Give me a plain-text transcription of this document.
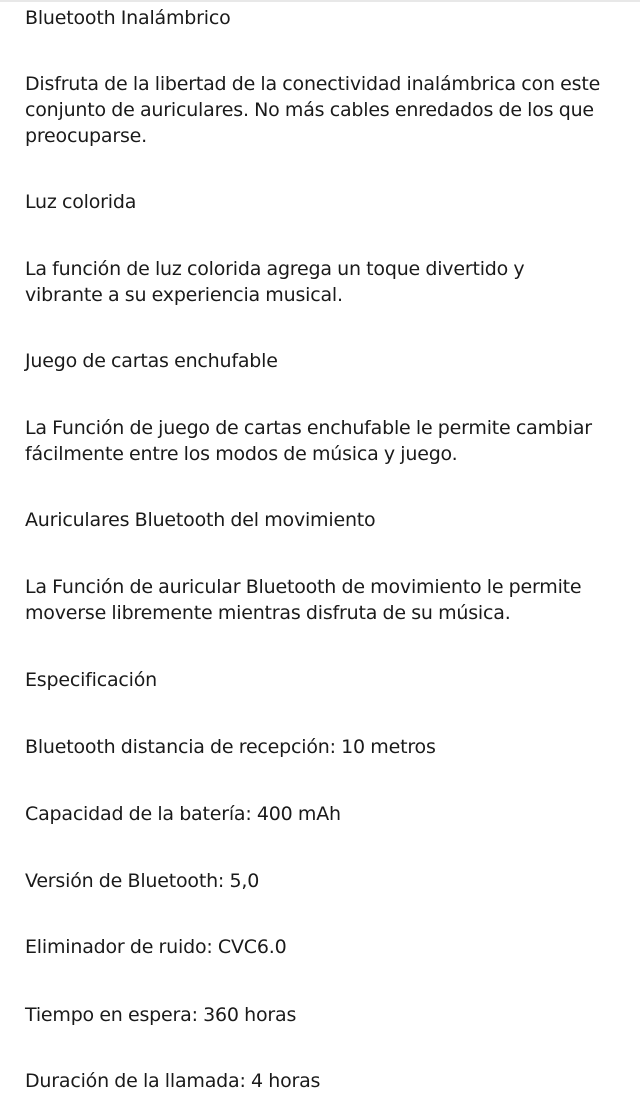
Bluetooth Inalámbrico

Disfruta de la libertad de la conectividad inalámbrica con este conjunto de auriculares. No más cables enredados de los que preocuparse.

Luz colorida

La función de luz colorida agrega un toque divertido y vibrante a su experiencia musical.

Juego de cartas enchufable

La Función de juego de cartas enchufable le permite cambiar fácilmente entre los modos de música y juego.

Auriculares Bluetooth del movimiento

La Función de auricular Bluetooth de movimiento le permite moverse libremente mientras disfruta de su música.

Especificación

Bluetooth distancia de recepción: 10 metros

Capacidad de la batería: 400 mAh

Versión de Bluetooth: 5,0

Eliminador de ruido: CVC6.0

Tiempo en espera: 360 horas

Duración de la llamada: 4 horas
